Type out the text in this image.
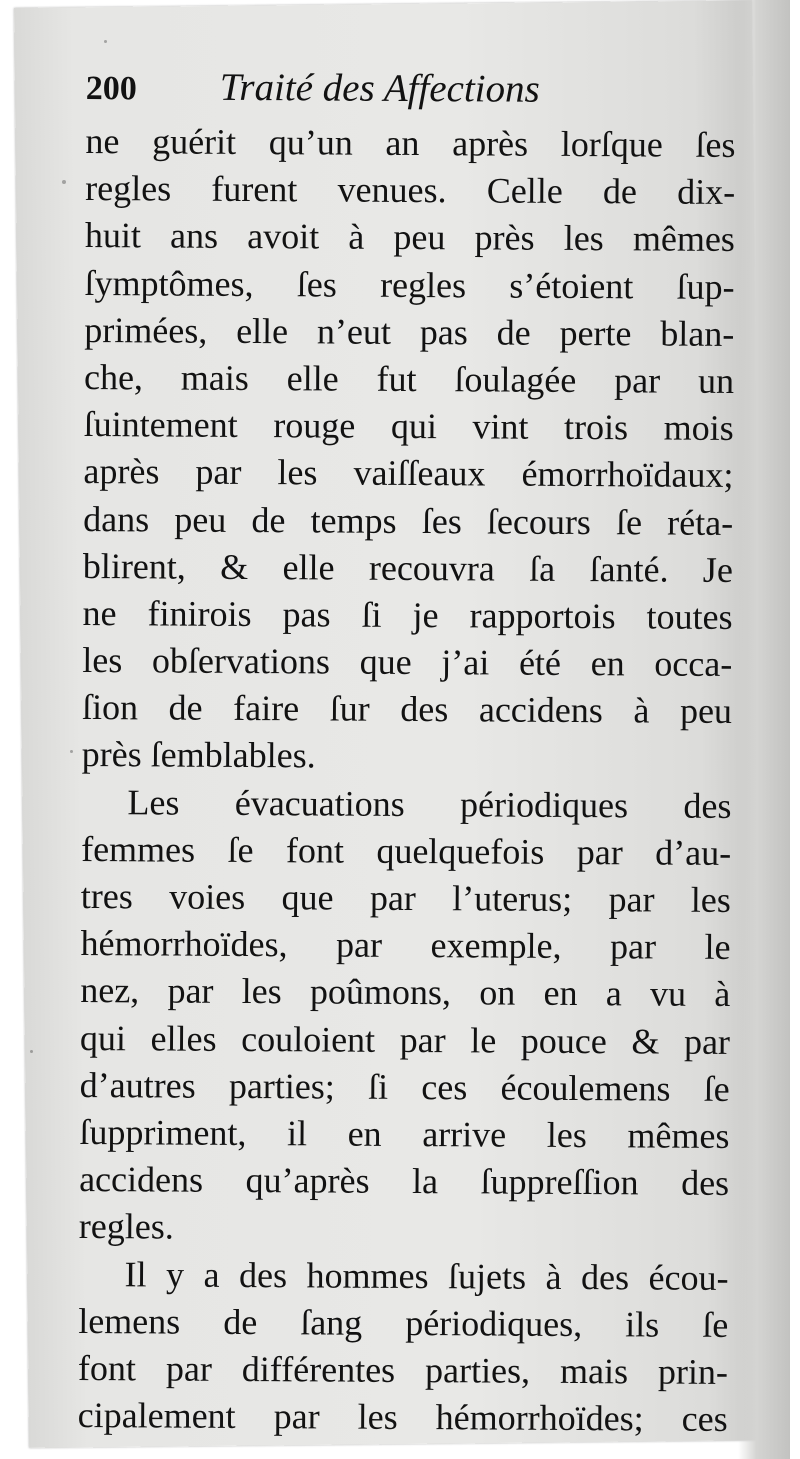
200 Traité des Affections
ne guérit qu’un an après lorſque ſes
regles furent venues. Celle de dix-
huit ans avoit à peu près les mêmes
ſymptômes, ſes regles s’étoient ſup-
primées, elle n’eut pas de perte blan-
che, mais elle fut ſoulagée par un
ſuintement rouge qui vint trois mois
après par les vaiſſeaux émorrhoïdaux;
dans peu de temps ſes ſecours ſe réta-
blirent, & elle recouvra ſa ſanté. Je
ne finirois pas ſi je rapportois toutes
les obſervations que j’ai été en occa-
ſion de faire ſur des accidens à peu
près ſemblables.
Les évacuations périodiques des
femmes ſe font quelquefois par d’au-
tres voies que par l’uterus; par les
hémorrhoïdes, par exemple, par le
nez, par les poûmons, on en a vu à
qui elles couloient par le pouce & par
d’autres parties; ſi ces écoulemens ſe
ſuppriment, il en arrive les mêmes
accidens qu’après la ſuppreſſion des
regles.
Il y a des hommes ſujets à des écou-
lemens de ſang périodiques, ils ſe
font par différentes parties, mais prin-
cipalement par les hémorrhoïdes; ces
